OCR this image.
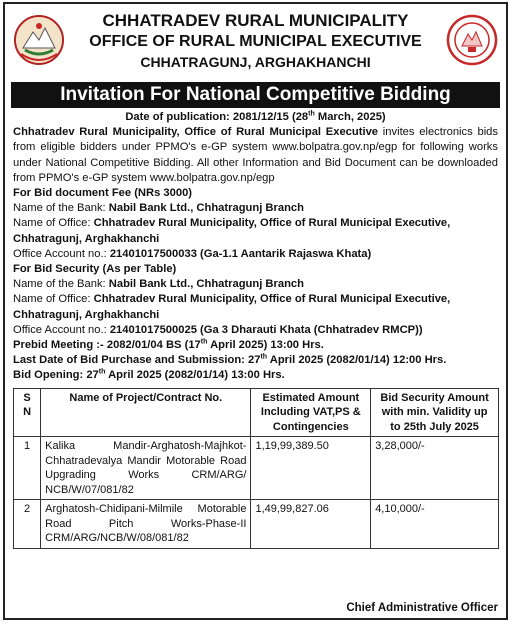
CHHATRADEV RURAL MUNICIPALITY
OFFICE OF RURAL MUNICIPAL EXECUTIVE
CHHATRAGUNJ, ARGHAKHANCHI
Invitation For National Competitive Bidding

Date of publication: 2081/12/15 (28th March, 2025)

Chhatradev Rural Municipality, Office of Rural Municipal Executive invites electronics bids from eligible bidders under PPMO's e-GP system www.bolpatra.gov.np/egp for following works under National Competitive Bidding. All other Information and Bid Document can be downloaded from PPMO's e-GP system www.bolpatra.gov.np/egp

For Bid document Fee (NRs 3000)

Name of the Bank: Nabil Bank Ltd., Chhatragunj Branch

Name of Office: Chhatradev Rural Municipality, Office of Rural Municipal Executive, Chhatragunj, Arghakhanchi

Office Account no.: 21401017500033 (Ga-1.1 Aantarik Rajaswa Khata)

For Bid Security (As per Table)

Name of the Bank: Nabil Bank Ltd., Chhatragunj Branch

Name of Office: Chhatradev Rural Municipality, Office of Rural Municipal Executive, Chhatragunj, Arghakhanchi

Office Account no.: 21401017500025 (Ga 3 Dharauti Khata (Chhatradev RMCP))

Prebid Meeting :- 2082/01/04 BS (17th April 2025) 13:00 Hrs.

Last Date of Bid Purchase and Submission: 27th April 2025 (2082/01/14) 12:00 Hrs.

Bid Opening: 27th April 2025 (2082/01/14) 13:00 Hrs.

S N	Name of Project/Contract No.	Estimated Amount Including VAT,PS & Contingencies	Bid Security Amount with min. Validity up to 25th July 2025
1	Kalika Mandir-Arghatosh-Majhkot-Chhatradevalya Mandir Motorable Road Upgrading Works CRM/ARG/ NCB/W/07/081/82	1,19,99,389.50	3,28,000/-
2	Arghatosh-Chidipani-Milmile Motorable Road Pitch Works-Phase-II CRM/ARG/NCB/W/08/081/82	1,49,99,827.06	4,10,000/-
Chief Administrative Officer
